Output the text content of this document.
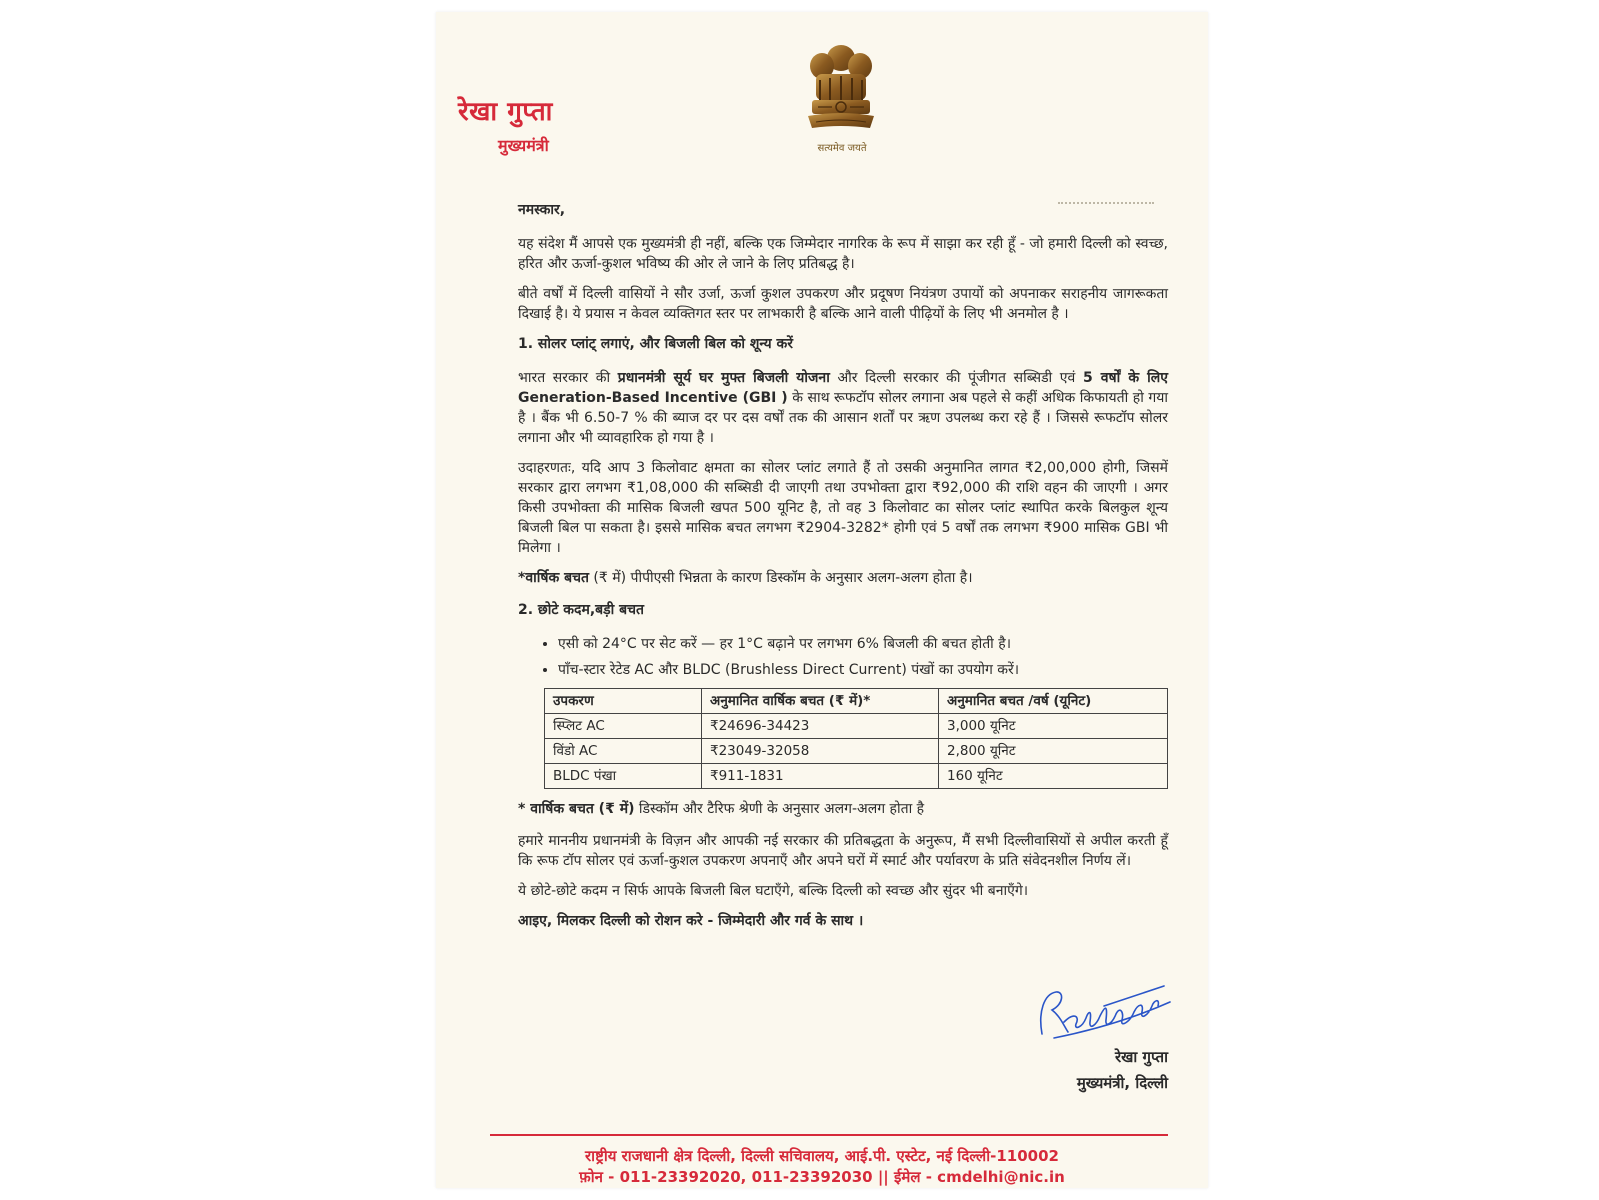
रेखा गुप्ता
मुख्यमंत्री	सत्यमेव जयते

नमस्कार,

यह संदेश मैं आपसे एक मुख्यमंत्री ही नहीं, बल्कि एक जिम्मेदार नागरिक के रूप में साझा कर रही हूँ - जो हमारी दिल्ली को स्वच्छ, हरित और ऊर्जा-कुशल भविष्य की ओर ले जाने के लिए प्रतिबद्ध है।

बीते वर्षों में दिल्ली वासियों ने सौर उर्जा, ऊर्जा कुशल उपकरण और प्रदूषण नियंत्रण उपायों को अपनाकर सराहनीय जागरूकता दिखाई है। ये प्रयास न केवल व्यक्तिगत स्तर पर लाभकारी है बल्कि आने वाली पीढ़ियों के लिए भी अनमोल है ।

1. सोलर प्लांट् लगाएं, और बिजली बिल को शून्य करें

भारत सरकार की प्रधानमंत्री सूर्य घर मुफ्त बिजली योजना और दिल्ली सरकार की पूंजीगत सब्सिडी एवं 5 वर्षों के लिए Generation-Based Incentive (GBI ) के साथ रूफटॉप सोलर लगाना अब पहले से कहीं अधिक किफायती हो गया है । बैंक भी 6.50-7 % की ब्याज दर पर दस वर्षों तक की आसान शर्तों पर ऋण उपलब्ध करा रहे हैं । जिससे रूफटॉप सोलर लगाना और भी व्यावहारिक हो गया है ।

उदाहरणतः, यदि आप 3 किलोवाट क्षमता का सोलर प्लांट लगाते हैं तो उसकी अनुमानित लागत ₹2,00,000 होगी, जिसमें सरकार द्वारा लगभग ₹1,08,000 की सब्सिडी दी जाएगी तथा उपभोक्ता द्वारा ₹92,000 की राशि वहन की जाएगी । अगर किसी उपभोक्ता की मासिक बिजली खपत 500 यूनिट है, तो वह 3 किलोवाट का सोलर प्लांट स्थापित करके बिलकुल शून्य बिजली बिल पा सकता है। इससे मासिक बचत लगभग ₹2904-3282* होगी एवं 5 वर्षों तक लगभग ₹900 मासिक GBI भी मिलेगा ।

*वार्षिक बचत (₹ में) पीपीएसी भिन्नता के कारण डिस्कॉम के अनुसार अलग-अलग होता है।

2. छोटे कदम,बड़ी बचत

• एसी को 24°C पर सेट करें — हर 1°C बढ़ाने पर लगभग 6% बिजली की बचत होती है।
• पाँच-स्टार रेटेड AC और BLDC (Brushless Direct Current) पंखों का उपयोग करें।
उपकरण	अनुमानित वार्षिक बचत (₹ में)*	अनुमानित बचत /वर्ष (यूनिट)
स्प्लिट AC	₹24696-34423	3,000 यूनिट
विंडो AC	₹23049-32058	2,800 यूनिट
BLDC पंखा	₹911-1831	160 यूनिट

* वार्षिक बचत (₹ में) डिस्कॉम और टैरिफ श्रेणी के अनुसार अलग-अलग होता है

हमारे माननीय प्रधानमंत्री के विज़न और आपकी नई सरकार की प्रतिबद्धता के अनुरूप, मैं सभी दिल्लीवासियों से अपील करती हूँ कि रूफ टॉप सोलर एवं ऊर्जा-कुशल उपकरण अपनाएँ और अपने घरों में स्मार्ट और पर्यावरण के प्रति संवेदनशील निर्णय लें।

ये छोटे-छोटे कदम न सिर्फ आपके बिजली बिल घटाएँगे, बल्कि दिल्ली को स्वच्छ और सुंदर भी बनाएँगे।

आइए, मिलकर दिल्ली को रोशन करे - जिम्मेदारी और गर्व के साथ ।

रेखा गुप्ता
मुख्यमंत्री, दिल्ली
राष्ट्रीय राजधानी क्षेत्र दिल्ली, दिल्ली सचिवालय, आई.पी. एस्टेट, नई दिल्ली-110002
फ़ोन - 011-23392020, 011-23392030 || ईमेल - cmdelhi@nic.in
